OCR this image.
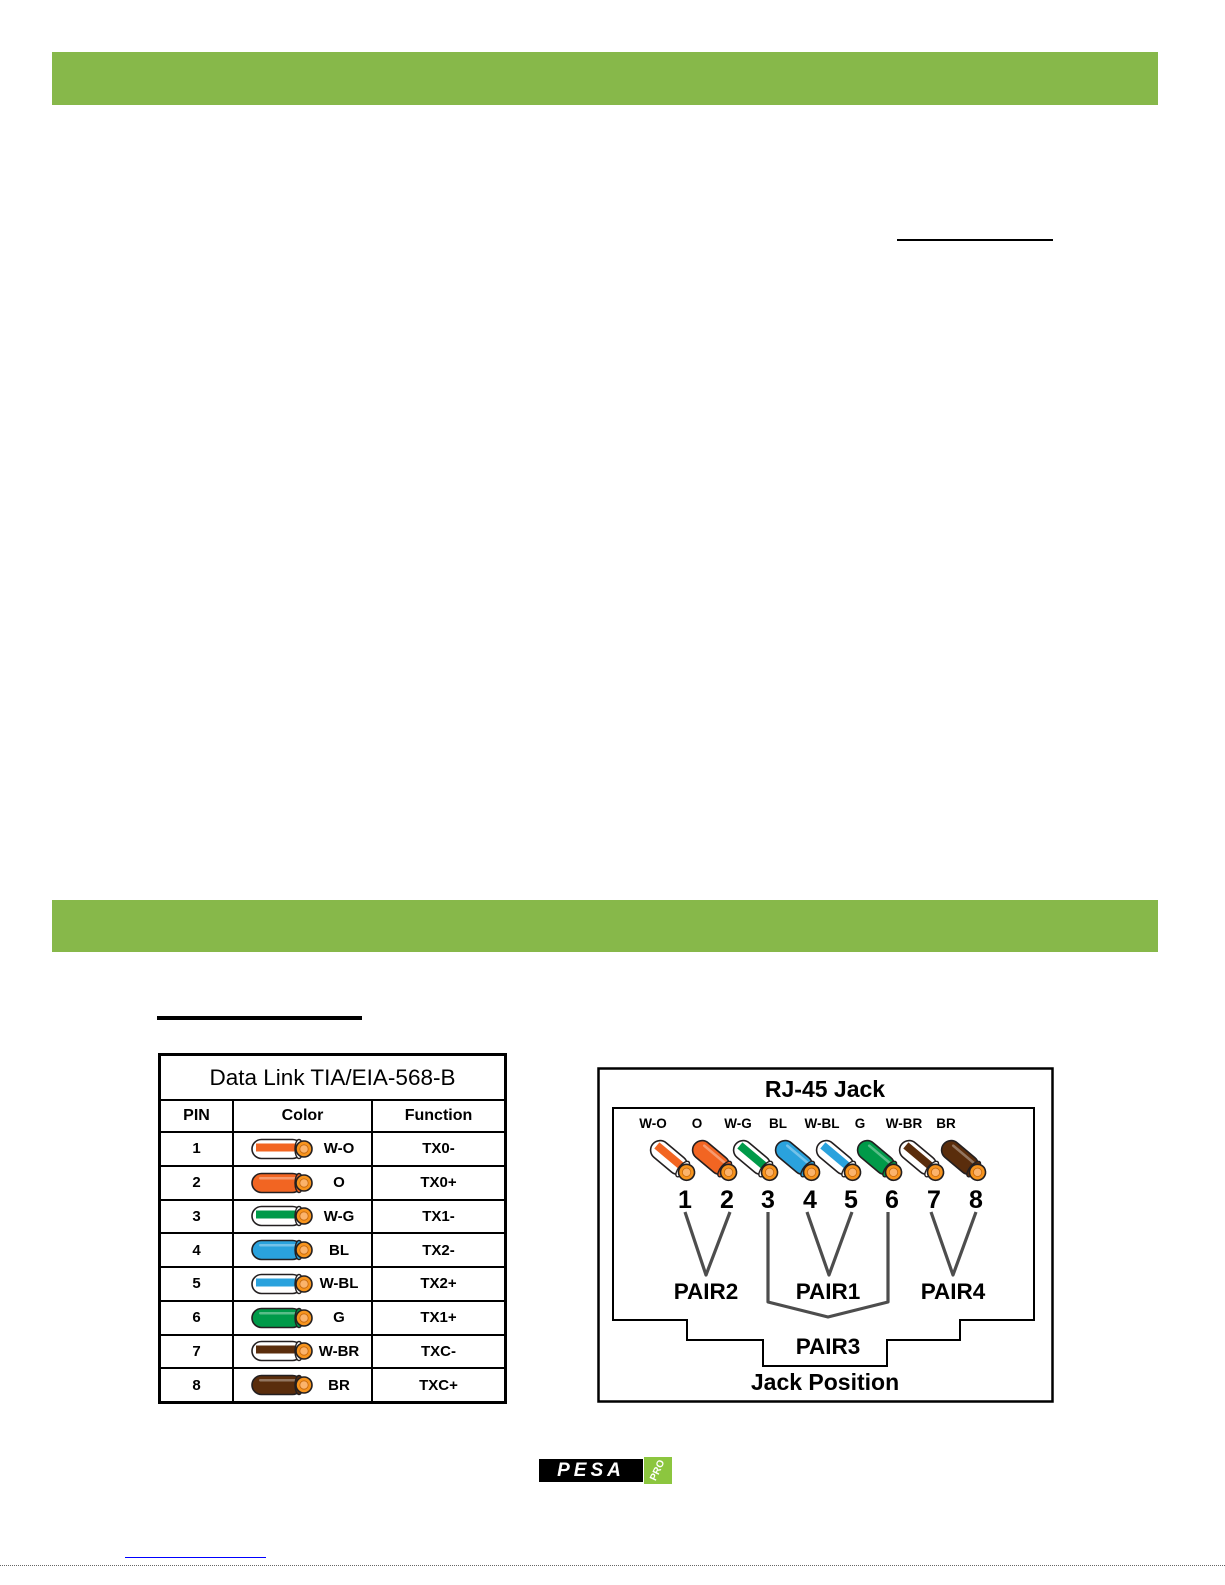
Data Link TIA/EIA-568-B
PIN	Color	Function
1	W-O	TX0-
2	O	TX0+
3	W-G	TX1-
4	BL	TX2-
5	W-BL	TX2+
6	G	TX1+
7	W-BR	TXC-
8	BR	TXC+
RJ-45 Jack
W-O O W-G BL W-BL G W-BR BR
1 2 3 4 5 6 7 8
PAIR2	PAIR1	PAIR4
PAIR3
Jack Position
PESA	PRO
